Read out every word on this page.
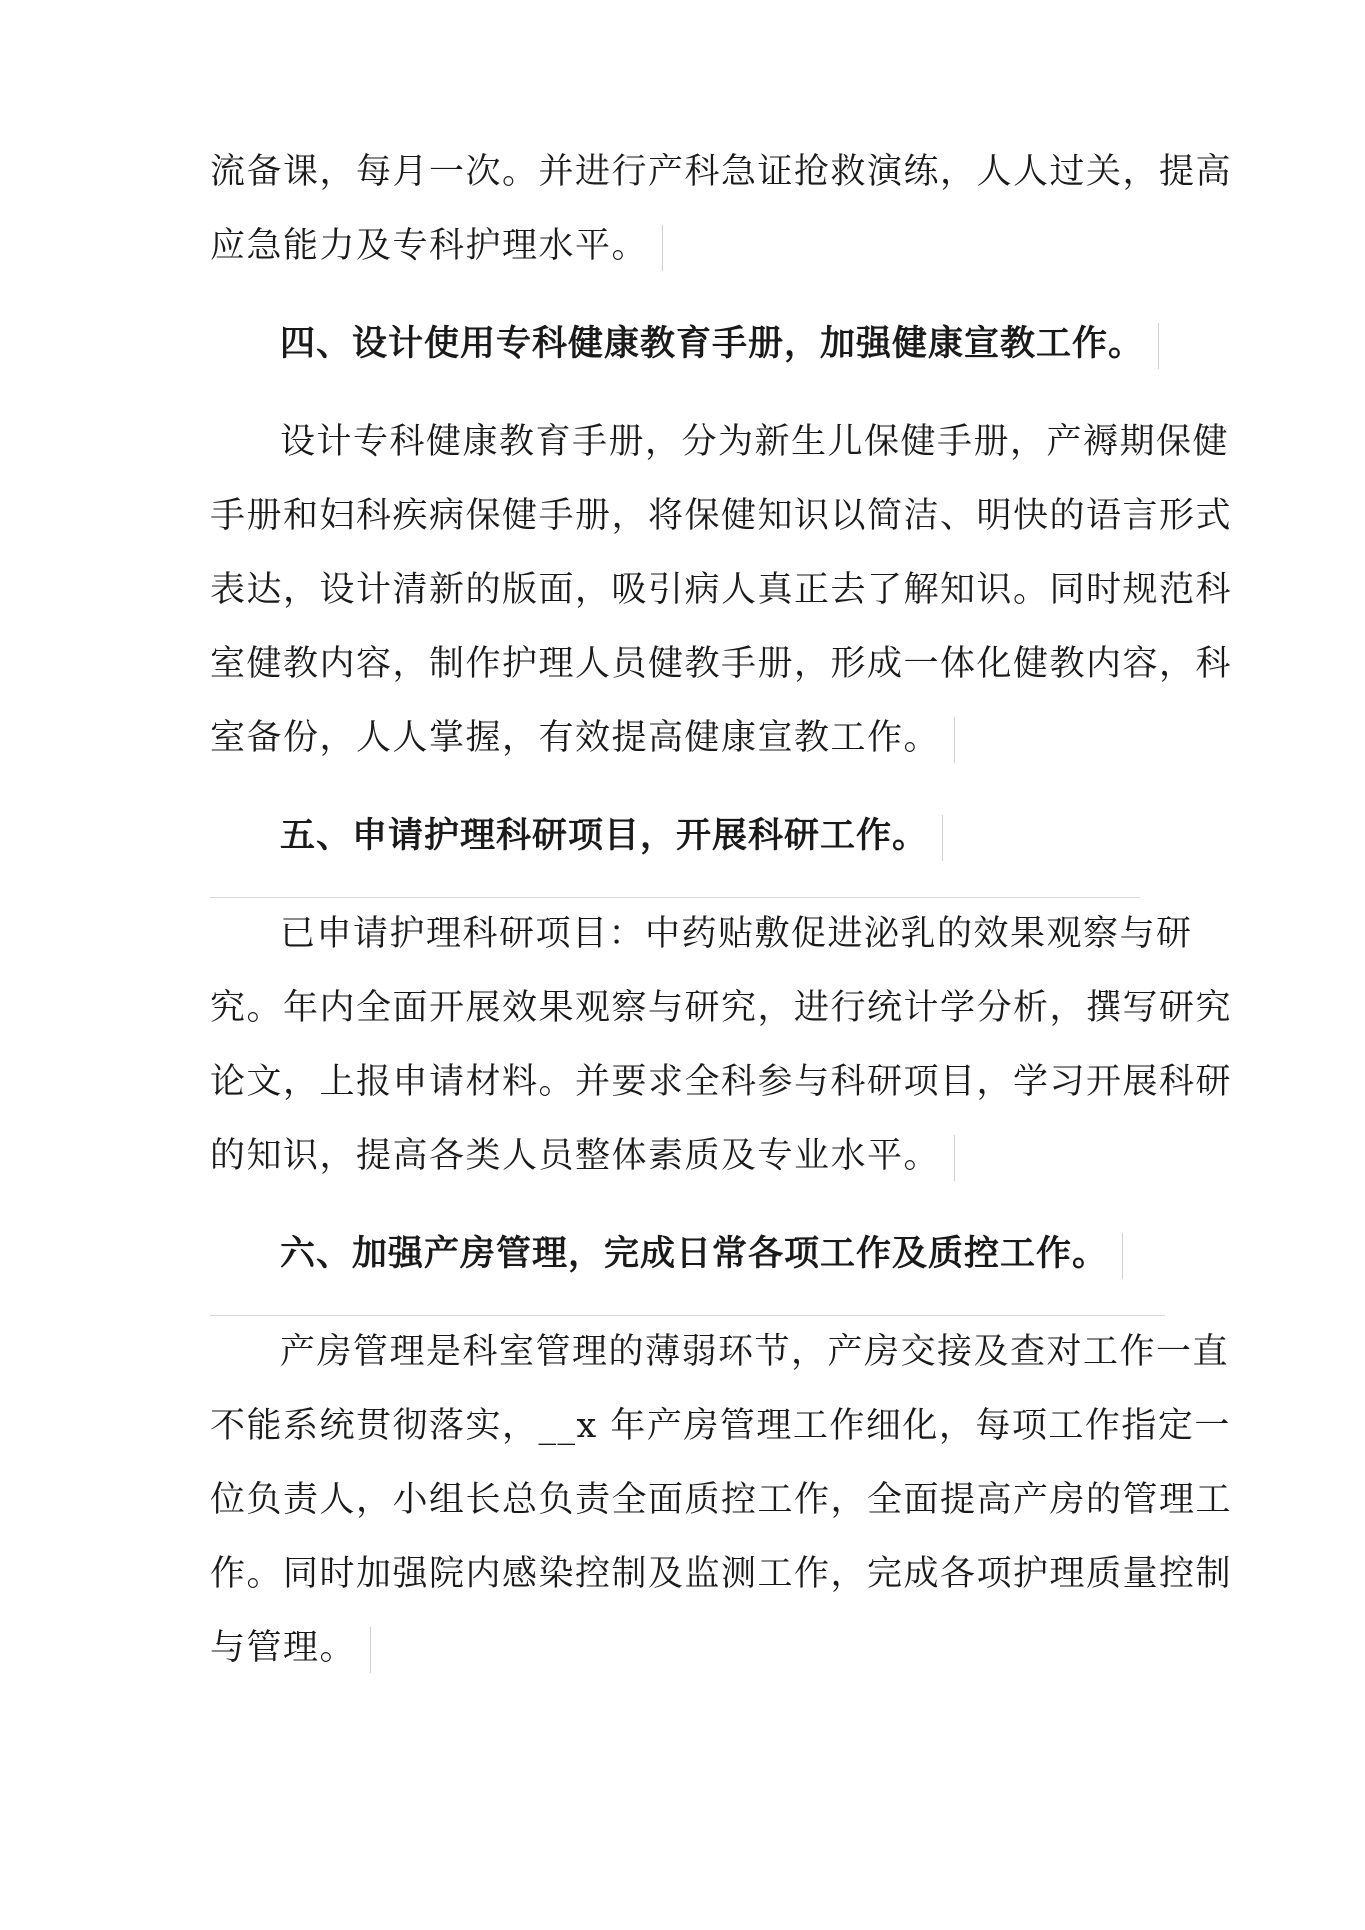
流备课，每月一次。并进行产科急证抢救演练，人人过关，提高
应急能力及专科护理水平。
四、设计使用专科健康教育手册，加强健康宣教工作。
设计专科健康教育手册，分为新生儿保健手册，产褥期保健
手册和妇科疾病保健手册，将保健知识以简洁、明快的语言形式
表达，设计清新的版面，吸引病人真正去了解知识。同时规范科
室健教内容，制作护理人员健教手册，形成一体化健教内容，科
室备份，人人掌握，有效提高健康宣教工作。
五、申请护理科研项目，开展科研工作。
已申请护理科研项目：中药贴敷促进泌乳的效果观察与研
究。年内全面开展效果观察与研究，进行统计学分析，撰写研究
论文，上报申请材料。并要求全科参与科研项目，学习开展科研
的知识，提高各类人员整体素质及专业水平。
六、加强产房管理，完成日常各项工作及质控工作。
产房管理是科室管理的薄弱环节，产房交接及查对工作一直
不能系统贯彻落实，__x 年产房管理工作细化，每项工作指定一
位负责人，小组长总负责全面质控工作，全面提高产房的管理工
作。同时加强院内感染控制及监测工作，完成各项护理质量控制
与管理。
